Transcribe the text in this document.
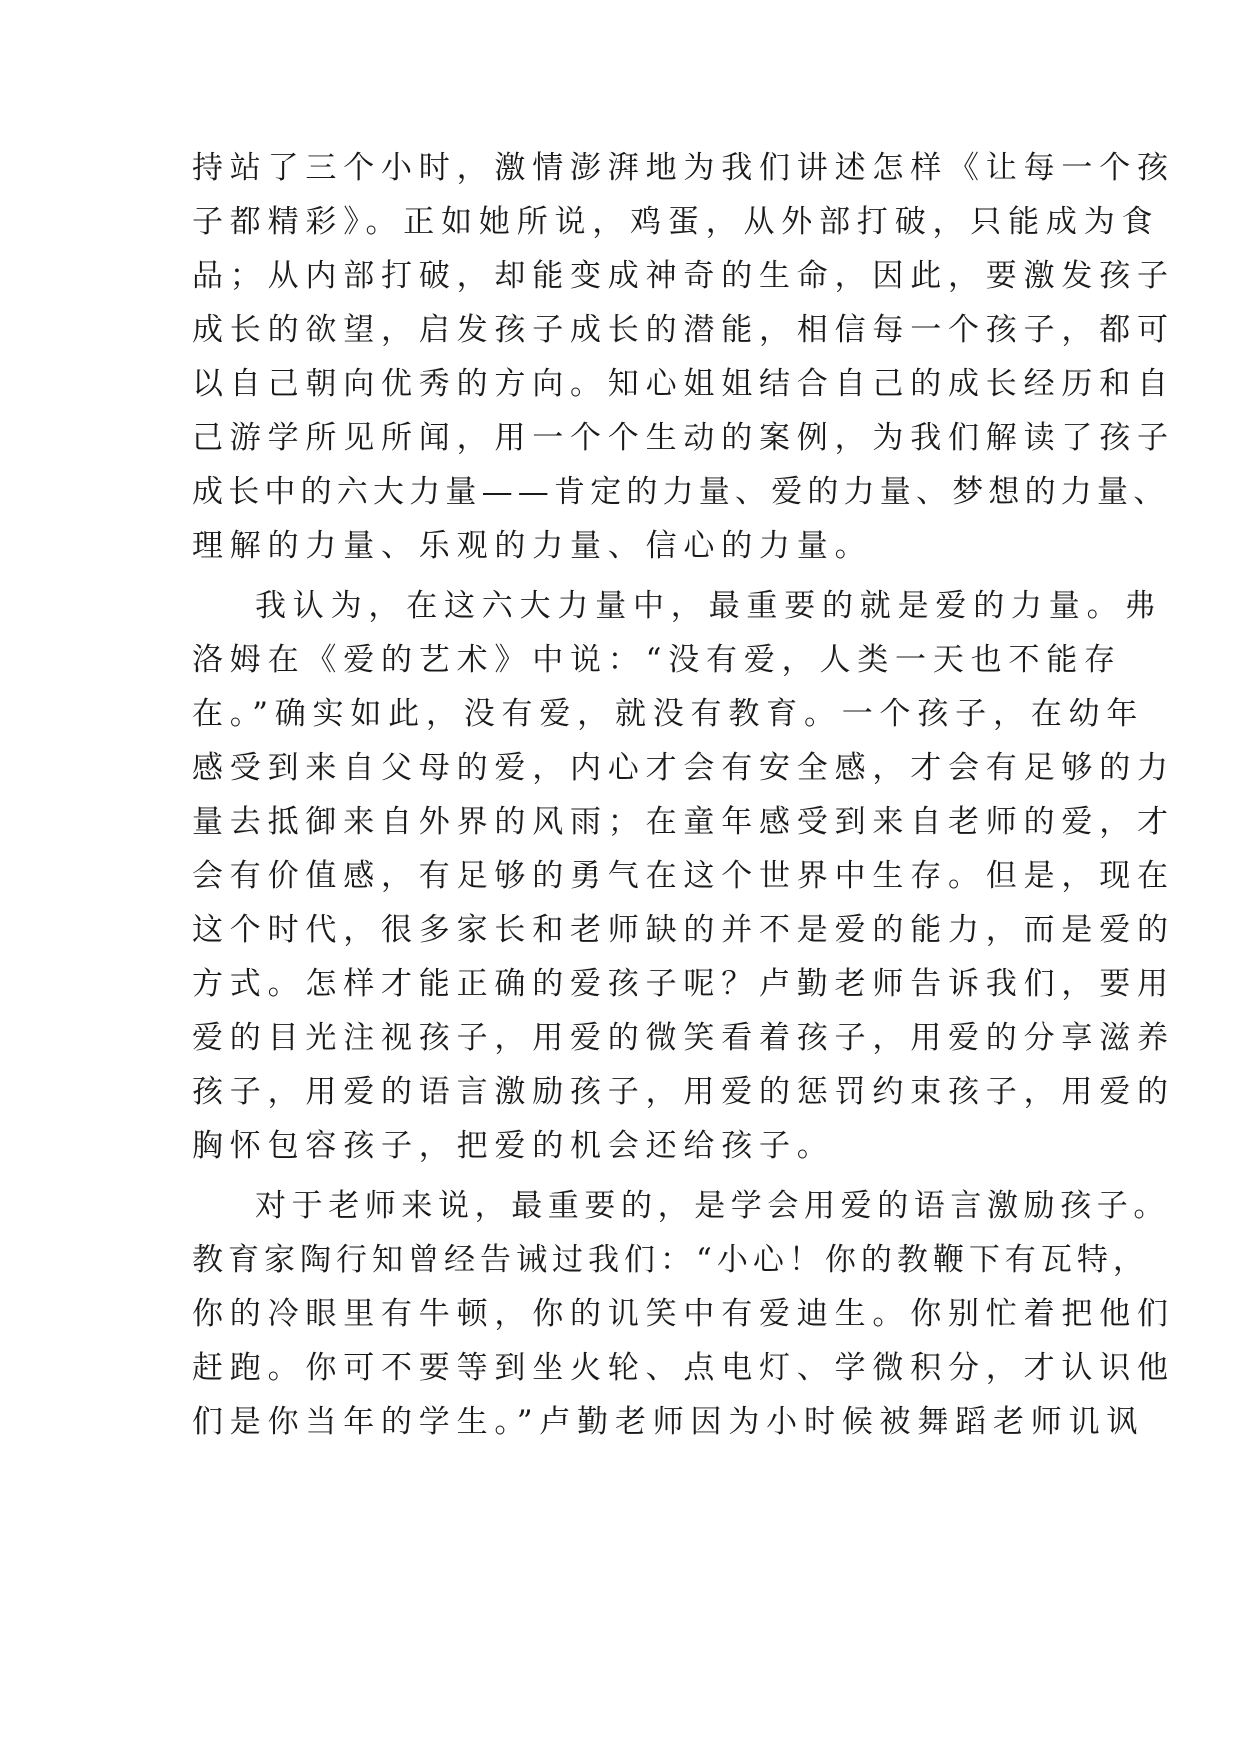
持站了三个小时，激情澎湃地为我们讲述怎样《让每一个孩
子都精彩》。正如她所说，鸡蛋，从外部打破，只能成为食
品；从内部打破，却能变成神奇的生命，因此，要激发孩子
成长的欲望，启发孩子成长的潜能，相信每一个孩子，都可
以自己朝向优秀的方向。知心姐姐结合自己的成长经历和自
己游学所见所闻，用一个个生动的案例，为我们解读了孩子
成长中的六大力量——肯定的力量、爱的力量、梦想的力量、
理解的力量、乐观的力量、信心的力量。
我认为，在这六大力量中，最重要的就是爱的力量。弗
洛姆在《爱的艺术》中说：“没有爱，人类一天也不能存
在。”确实如此，没有爱，就没有教育。一个孩子，在幼年
感受到来自父母的爱，内心才会有安全感，才会有足够的力
量去抵御来自外界的风雨；在童年感受到来自老师的爱，才
会有价值感，有足够的勇气在这个世界中生存。但是，现在
这个时代，很多家长和老师缺的并不是爱的能力，而是爱的
方式。怎样才能正确的爱孩子呢？卢勤老师告诉我们，要用
爱的目光注视孩子，用爱的微笑看着孩子，用爱的分享滋养
孩子，用爱的语言激励孩子，用爱的惩罚约束孩子，用爱的
胸怀包容孩子，把爱的机会还给孩子。
对于老师来说，最重要的，是学会用爱的语言激励孩子。
教育家陶行知曾经告诫过我们：“小心！你的教鞭下有瓦特，
你的冷眼里有牛顿，你的讥笑中有爱迪生。你别忙着把他们
赶跑。你可不要等到坐火轮、点电灯、学微积分，才认识他
们是你当年的学生。”卢勤老师因为小时候被舞蹈老师讥讽
